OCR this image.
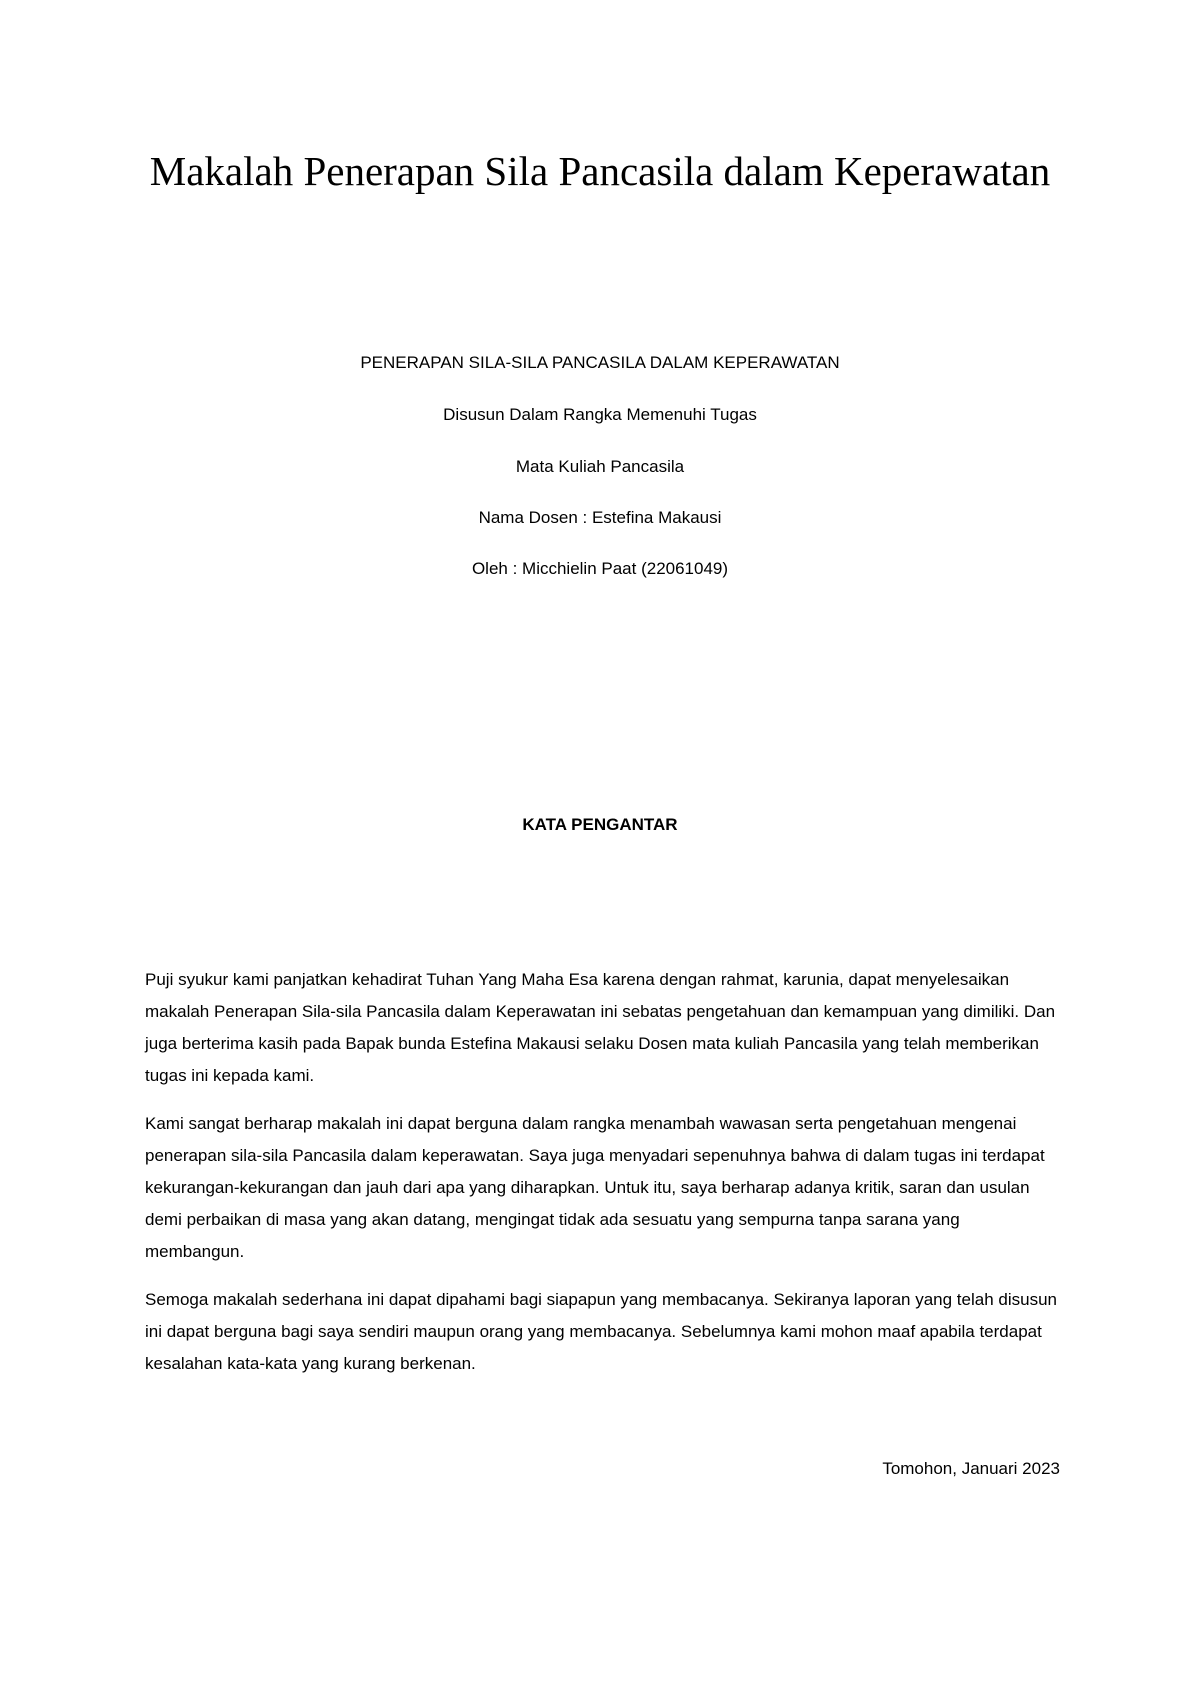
Makalah Penerapan Sila Pancasila dalam Keperawatan

PENERAPAN SILA-SILA PANCASILA DALAM KEPERAWATAN

Disusun Dalam Rangka Memenuhi Tugas

Mata Kuliah Pancasila

Nama Dosen : Estefina Makausi

Oleh : Micchielin Paat (22061049)

KATA PENGANTAR

Puji syukur kami panjatkan kehadirat Tuhan Yang Maha Esa karena dengan rahmat, karunia, dapat menyelesaikan makalah Penerapan Sila-sila Pancasila dalam Keperawatan ini sebatas pengetahuan dan kemampuan yang dimiliki. Dan juga berterima kasih pada Bapak bunda Estefina Makausi selaku Dosen mata kuliah Pancasila yang telah memberikan tugas ini kepada kami.

Kami sangat berharap makalah ini dapat berguna dalam rangka menambah wawasan serta pengetahuan mengenai penerapan sila-sila Pancasila dalam keperawatan. Saya juga menyadari sepenuhnya bahwa di dalam tugas ini terdapat kekurangan-kekurangan dan jauh dari apa yang diharapkan. Untuk itu, saya berharap adanya kritik, saran dan usulan demi perbaikan di masa yang akan datang, mengingat tidak ada sesuatu yang sempurna tanpa sarana yang membangun.

Semoga makalah sederhana ini dapat dipahami bagi siapapun yang membacanya. Sekiranya laporan yang telah disusun ini dapat berguna bagi saya sendiri maupun orang yang membacanya. Sebelumnya kami mohon maaf apabila terdapat kesalahan kata-kata yang kurang berkenan.

Tomohon, Januari 2023
